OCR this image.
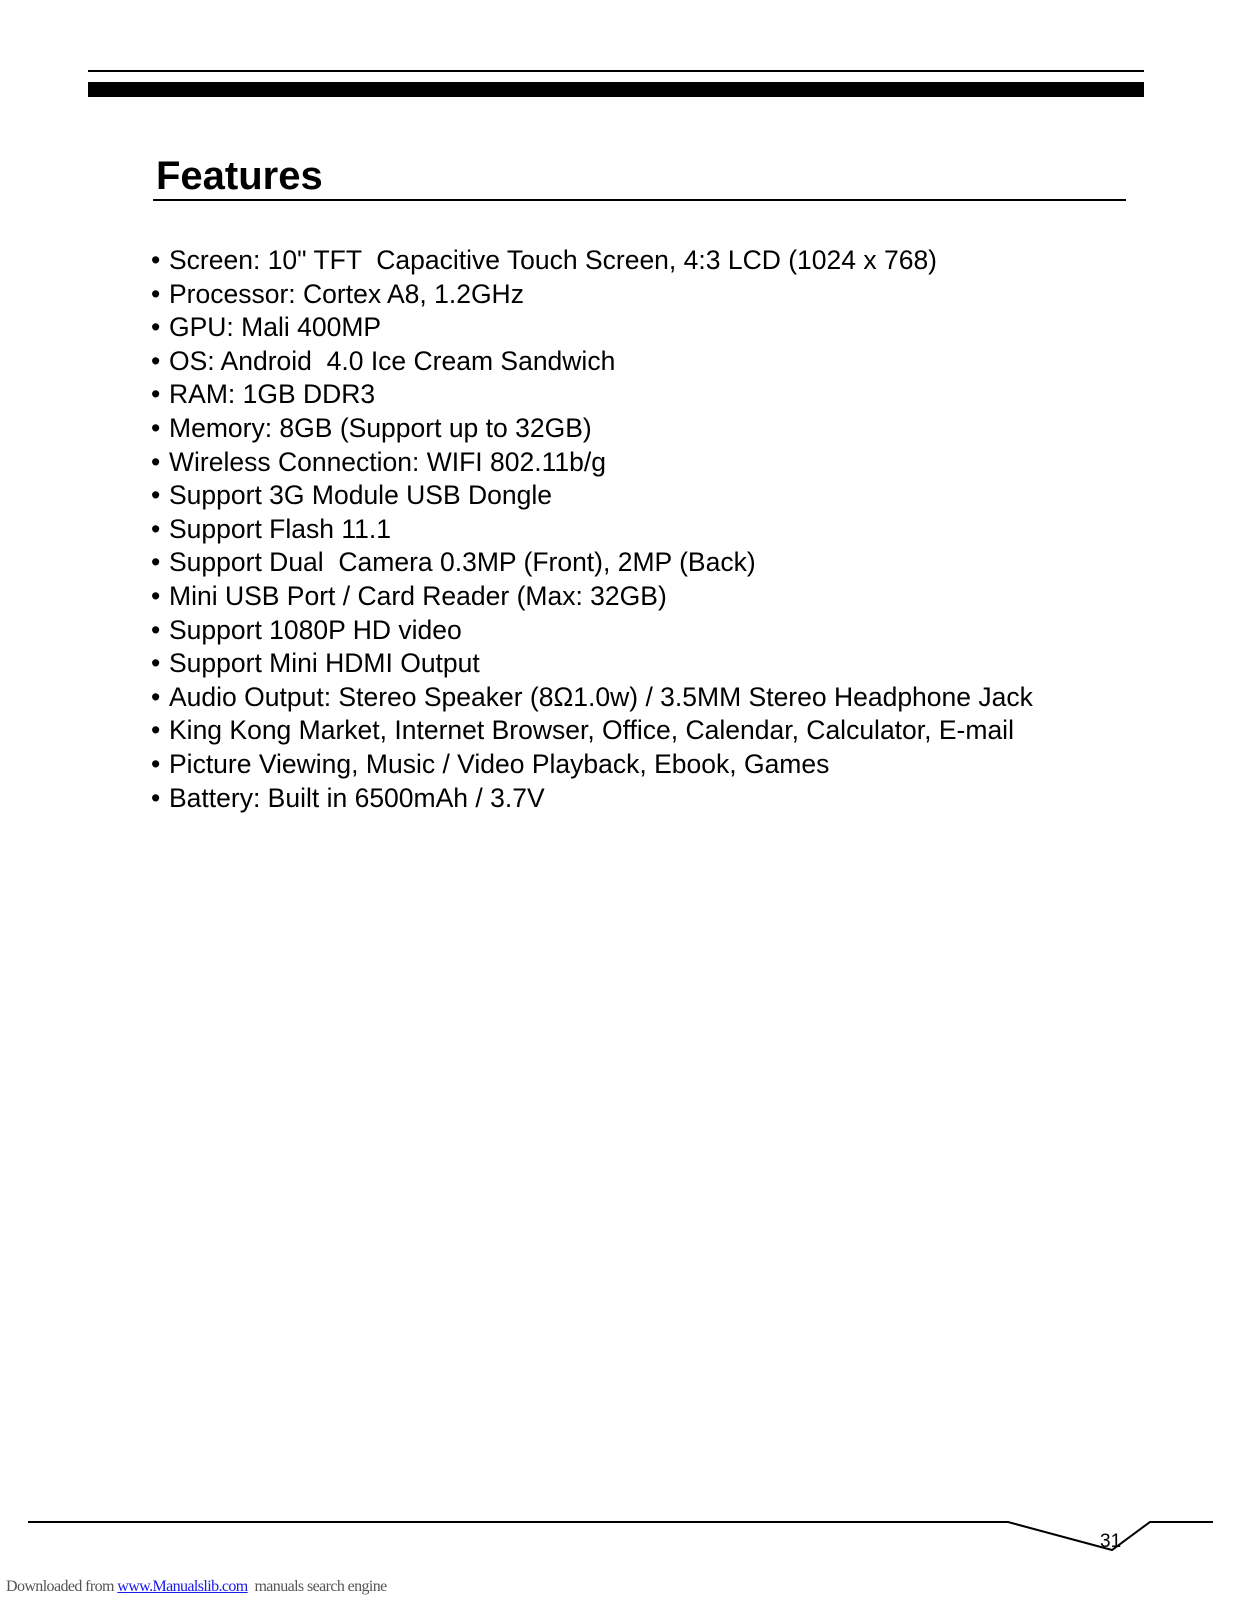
Features
• Screen: 10" TFT  Capacitive Touch Screen, 4:3 LCD (1024 x 768)
• Processor: Cortex A8, 1.2GHz
• GPU: Mali 400MP
• OS: Android  4.0 Ice Cream Sandwich
• RAM: 1GB DDR3
• Memory: 8GB (Support up to 32GB)
• Wireless Connection: WIFI 802.11b/g
• Support 3G Module USB Dongle
• Support Flash 11.1
• Support Dual  Camera 0.3MP (Front), 2MP (Back)
• Mini USB Port / Card Reader (Max: 32GB)
• Support 1080P HD video
• Support Mini HDMI Output
• Audio Output: Stereo Speaker (8Ω1.0w) / 3.5MM Stereo Headphone Jack
• King Kong Market, Internet Browser, Office, Calendar, Calculator, E-mail
• Picture Viewing, Music / Video Playback, Ebook, Games
• Battery: Built in 6500mAh / 3.7V
31
Downloaded from www.Manualslib.com  manuals search engine
